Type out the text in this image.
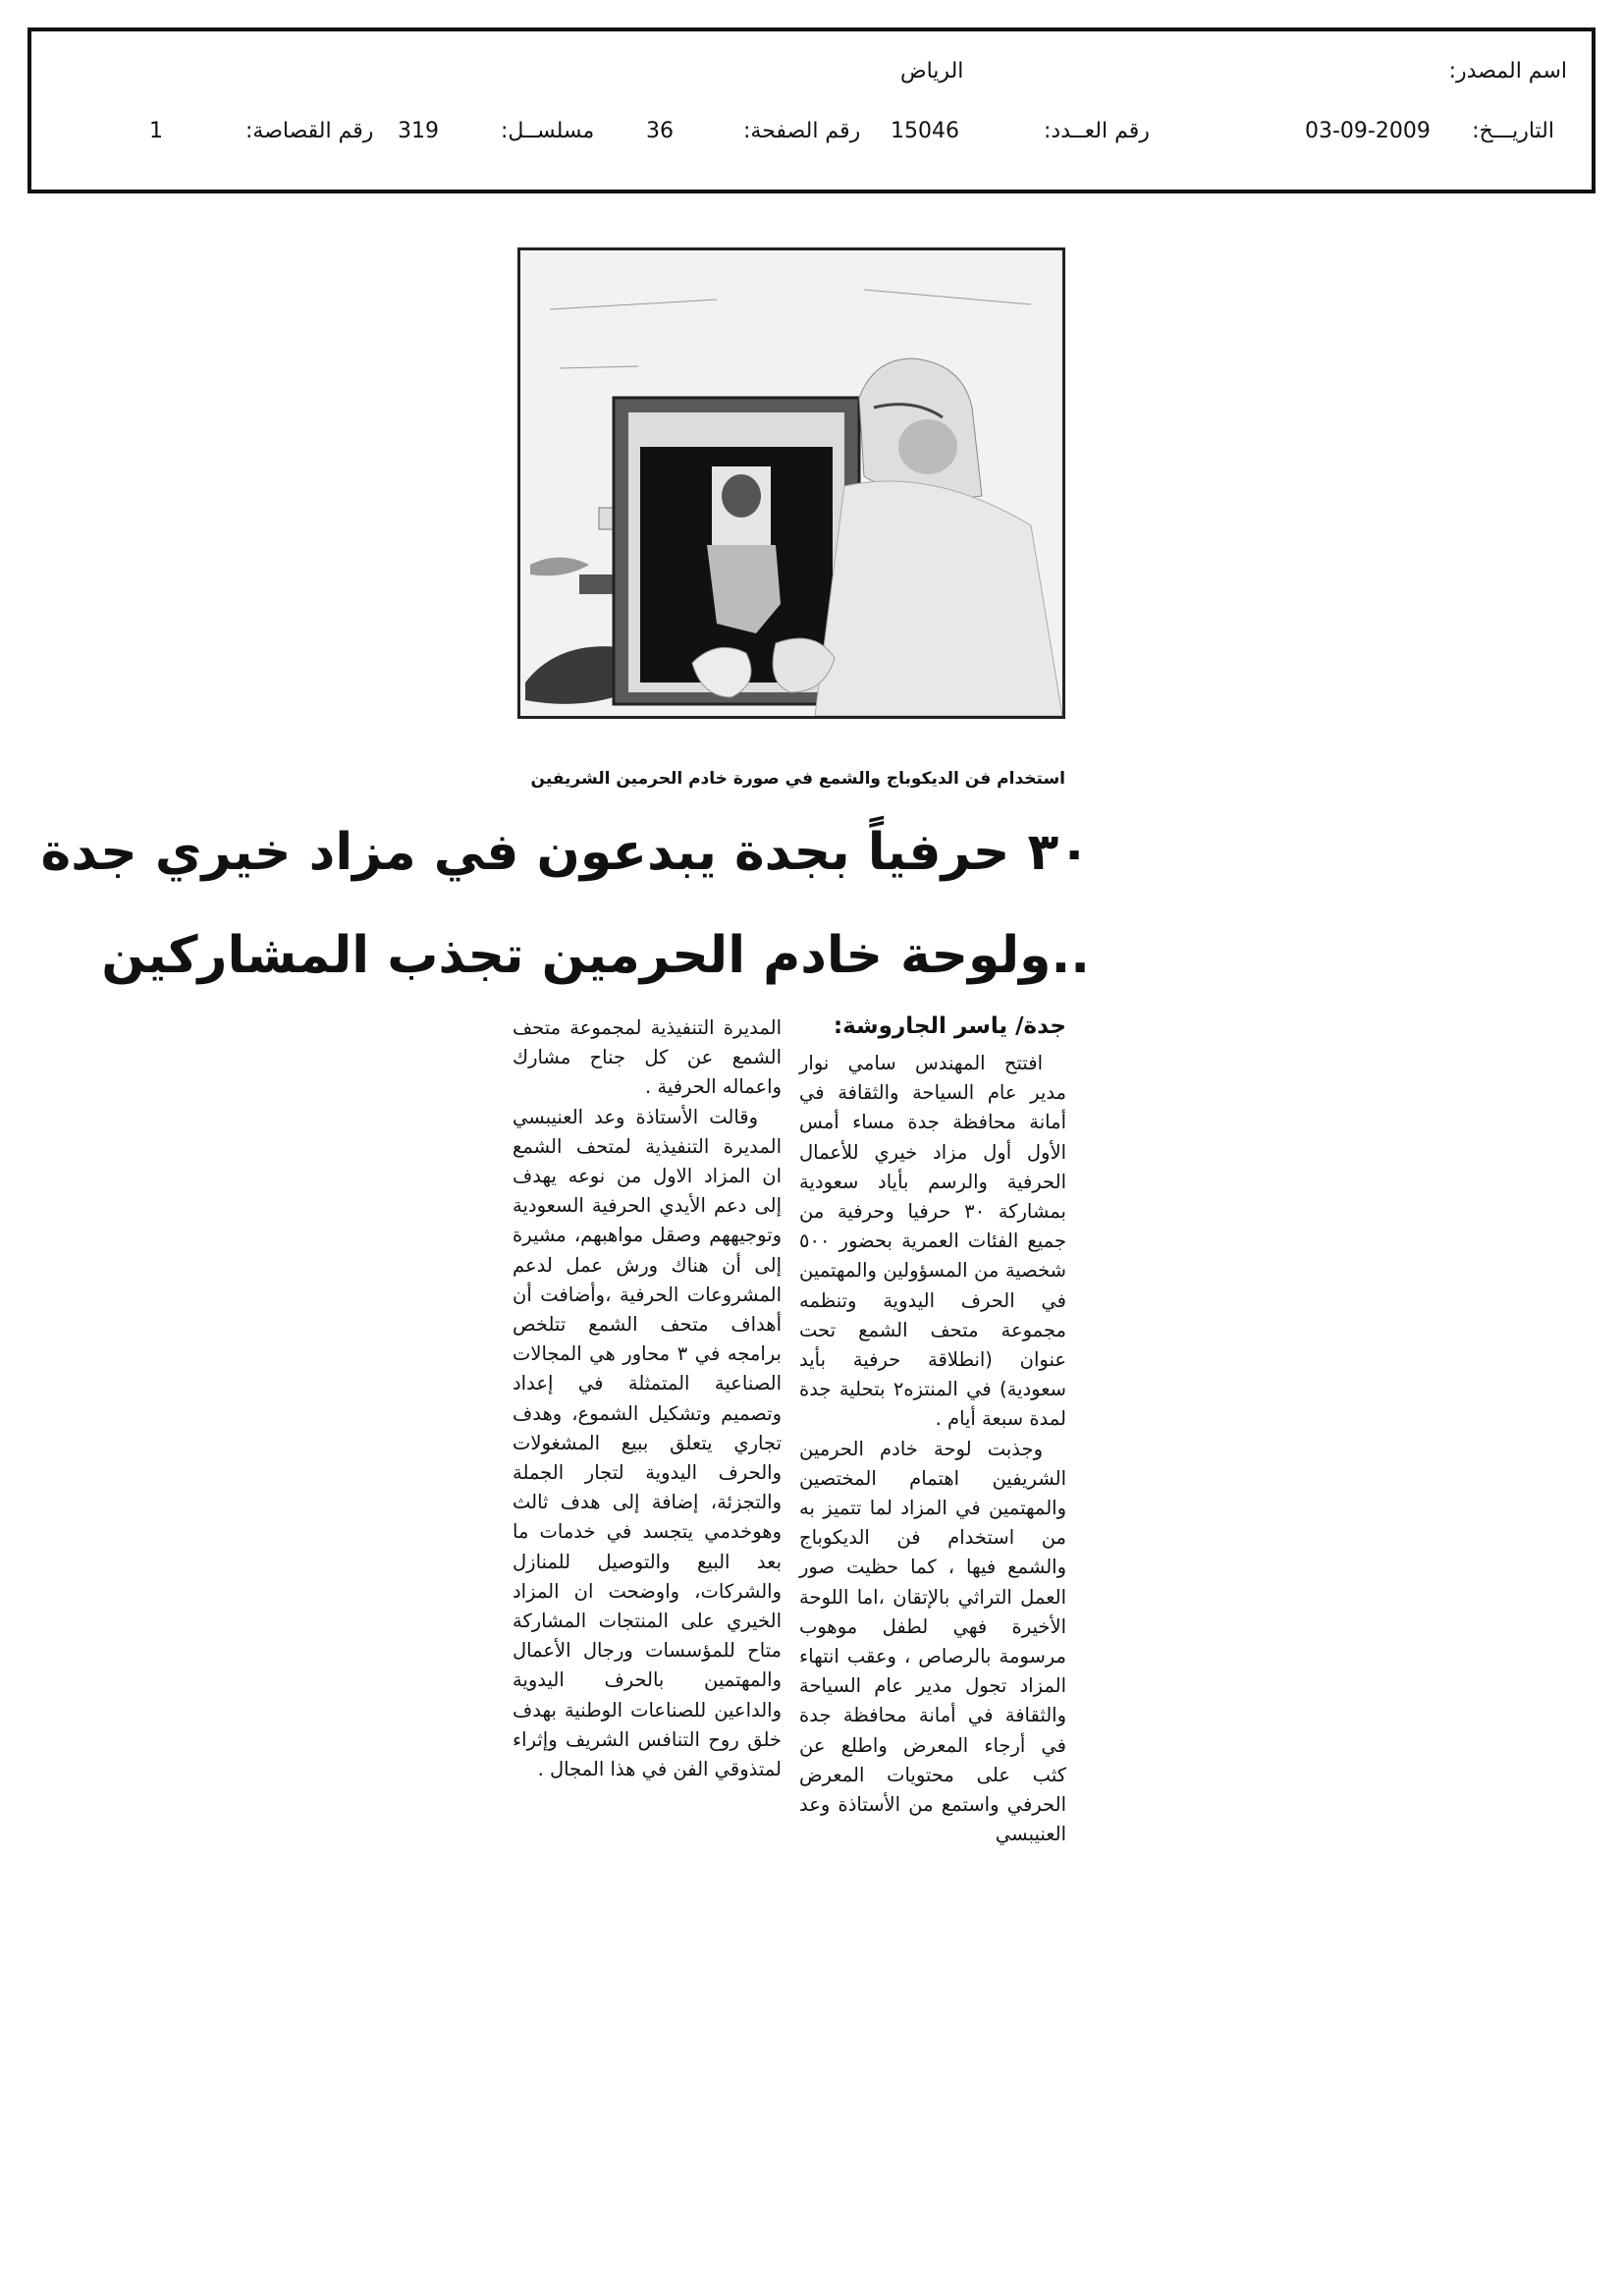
اسم المصدر:
الرياض
التاريـــخ:
03-09-2009
رقم العــدد:
15046
رقم الصفحة:
36
مسلســل:
319
رقم القصاصة:
1
استخدام فن الديكوباج والشمع في صورة خادم الحرمين الشريفين
٣٠ حرفياً بجدة يبدعون في مزاد خيري جدة
..ولوحة خادم الحرمين تجذب المشاركين
جدة/ ياسر الجاروشة:

افتتح المهندس سامي نوار مدير عام السياحة والثقافة في أمانة محافظة جدة مساء أمس الأول أول مزاد خيري للأعمال الحرفية والرسم بأياد سعودية بمشاركة ٣٠ حرفيا وحرفية من جميع الفئات العمرية بحضور ٥٠٠ شخصية من المسؤولين والمهتمين في الحرف اليدوية وتنظمه مجموعة متحف الشمع تحت عنوان (انطلاقة حرفية بأيد سعودية) في المنتزه٢ بتحلية جدة لمدة سبعة أيام .

وجذبت لوحة خادم الحرمين الشريفين اهتمام المختصين والمهتمين في المزاد لما تتميز به من استخدام فن الديكوباج والشمع فيها ، كما حظيت صور العمل التراثي بالإتقان ،اما اللوحة الأخيرة فهي لطفل موهوب مرسومة بالرصاص ، وعقب انتهاء المزاد تجول مدير عام السياحة والثقافة في أمانة محافظة جدة في أرجاء المعرض واطلع عن كثب على محتويات المعرض الحرفي واستمع من الأستاذة وعد العنيبسي

المديرة التنفيذية لمجموعة متحف الشمع عن كل جناح مشارك واعماله الحرفية .

وقالت الأستاذة وعد العنيبسي المديرة التنفيذية لمتحف الشمع ان المزاد الاول من نوعه يهدف إلى دعم الأيدي الحرفية السعودية وتوجيههم وصقل مواهبهم، مشيرة إلى أن هناك ورش عمل لدعم المشروعات الحرفية ،وأضافت أن أهداف متحف الشمع تتلخص برامجه في ٣ محاور هي المجالات الصناعية المتمثلة في إعداد وتصميم وتشكيل الشموع، وهدف تجاري يتعلق ببيع المشغولات والحرف اليدوية لتجار الجملة والتجزئة، إضافة إلى هدف ثالث وهوخدمي يتجسد في خدمات ما بعد البيع والتوصيل للمنازل والشركات، واوضحت ان المزاد الخيري على المنتجات المشاركة متاح للمؤسسات ورجال الأعمال والمهتمين بالحرف اليدوية والداعين للصناعات الوطنية بهدف خلق روح التنافس الشريف وإثراء لمتذوقي الفن في هذا المجال .
